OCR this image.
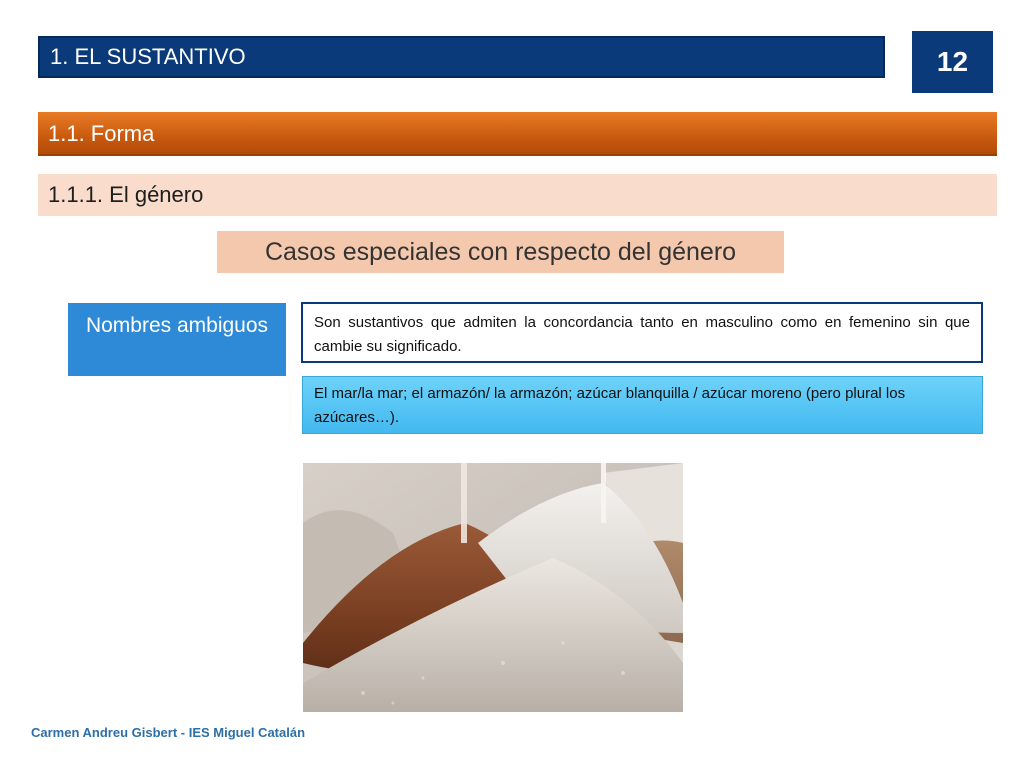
1. EL SUSTANTIVO	12
1.1. Forma
1.1.1. El género
Casos especiales con respecto del género
Nombres ambiguos	Son sustantivos que admiten la concordancia tanto en masculino como en femenino sin que cambie su significado.
El mar/la mar; el armazón/ la armazón; azúcar blanquilla / azúcar moreno (pero plural los azúcares…).
Carmen Andreu Gisbert - IES Miguel Catalán
